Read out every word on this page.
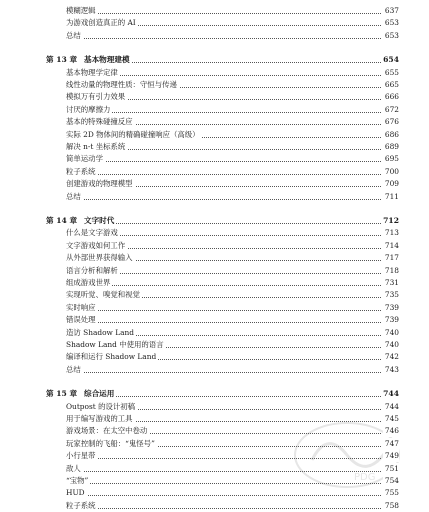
模糊逻辑	637
为游戏创造真正的 AI	653
总结	653
第 13 章 基本物理建模	654
基本物理学定律	655
线性动量的物理性质：守恒与传递	665
模拟万有引力效果	666
讨厌的摩擦力	672
基本的特殊碰撞反应	676
实际 2D 物体间的精确碰撞响应（高级）	686
解决 n-t 坐标系统	689
简单运动学	695
粒子系统	700
创建游戏的物理模型	709
总结	711
第 14 章 文字时代	712
什么是文字游戏	713
文字游戏如何工作	714
从外部世界获得输入	717
语言分析和解析	718
组成游戏世界	731
实现听觉、嗅觉和视觉	735
实时响应	739
错误处理	739
造访 Shadow Land	740
Shadow Land 中使用的语言	740
编译和运行 Shadow Land	742
总结	743
第 15 章 综合运用	744
Outpost 的设计初稿	744
用于编写游戏的工具	745
游戏场景：在太空中卷动	746
玩家控制的飞船：“鬼怪号”	747
小行星带	749
敌人	751
“宝物”	754
HUD	755
粒子系统	758
PDG
